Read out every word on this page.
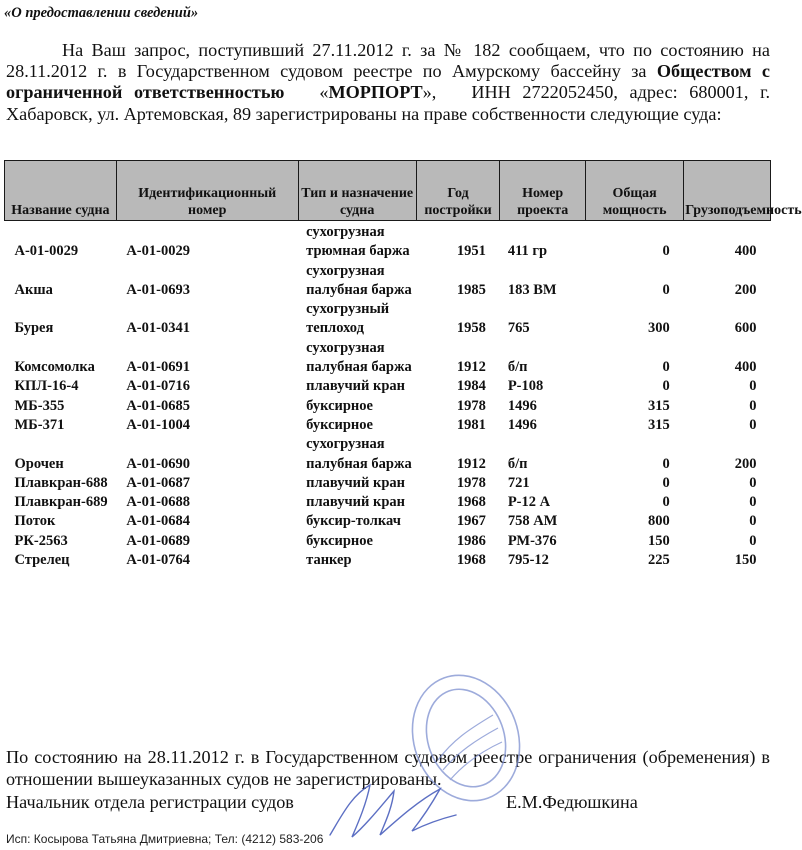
«О предоставлении сведений»

На Ваш запрос, поступивший 27.11.2012 г. за № 182 сообщаем, что по состоянию на 28.11.2012 г. в Государственном судовом реестре по Амурскому бассейну за Обществом с ограниченной ответственностью «МОРПОРТ», ИНН 2722052450, адрес: 680001, г. Хабаровск, ул. Артемовская, 89 зарегистрированы на праве собственности следующие суда:

Название судна	Идентификационный номер	Тип и назначение судна	Год постройки	Номер проекта	Общая мощность	Грузоподъемность
А-01-0029	А-01-0029	сухогрузная трюмная баржа	1951	411 гр	0	400
Акша	А-01-0693	сухогрузная палубная баржа	1985	183 ВМ	0	200
Бурея	А-01-0341	сухогрузный теплоход	1958	765	300	600
Комсомолка	А-01-0691	сухогрузная палубная баржа	1912	б/п	0	400
КПЛ-16-4	А-01-0716	плавучий кран	1984	Р-108	0	0
МБ-355	А-01-0685	буксирное	1978	1496	315	0
МБ-371	А-01-1004	буксирное	1981	1496	315	0
Орочен	А-01-0690	сухогрузная палубная баржа	1912	б/п	0	200
Плавкран-688	А-01-0687	плавучий кран	1978	721	0	0
Плавкран-689	А-01-0688	плавучий кран	1968	Р-12 А	0	0
Поток	А-01-0684	буксир-толкач	1967	758 АМ	800	0
РК-2563	А-01-0689	буксирное	1986	РМ-376	150	0
Стрелец	А-01-0764	танкер	1968	795-12	225	150

По состоянию на 28.11.2012 г. в Государственном судовом реестре ограничения (обременения) в отношении вышеуказанных судов не зарегистрированы.

Начальник отдела регистрации судов	Е.М.Федюшкина
Исп: Косырова Татьяна Дмитриевна; Тел: (4212) 583-206
